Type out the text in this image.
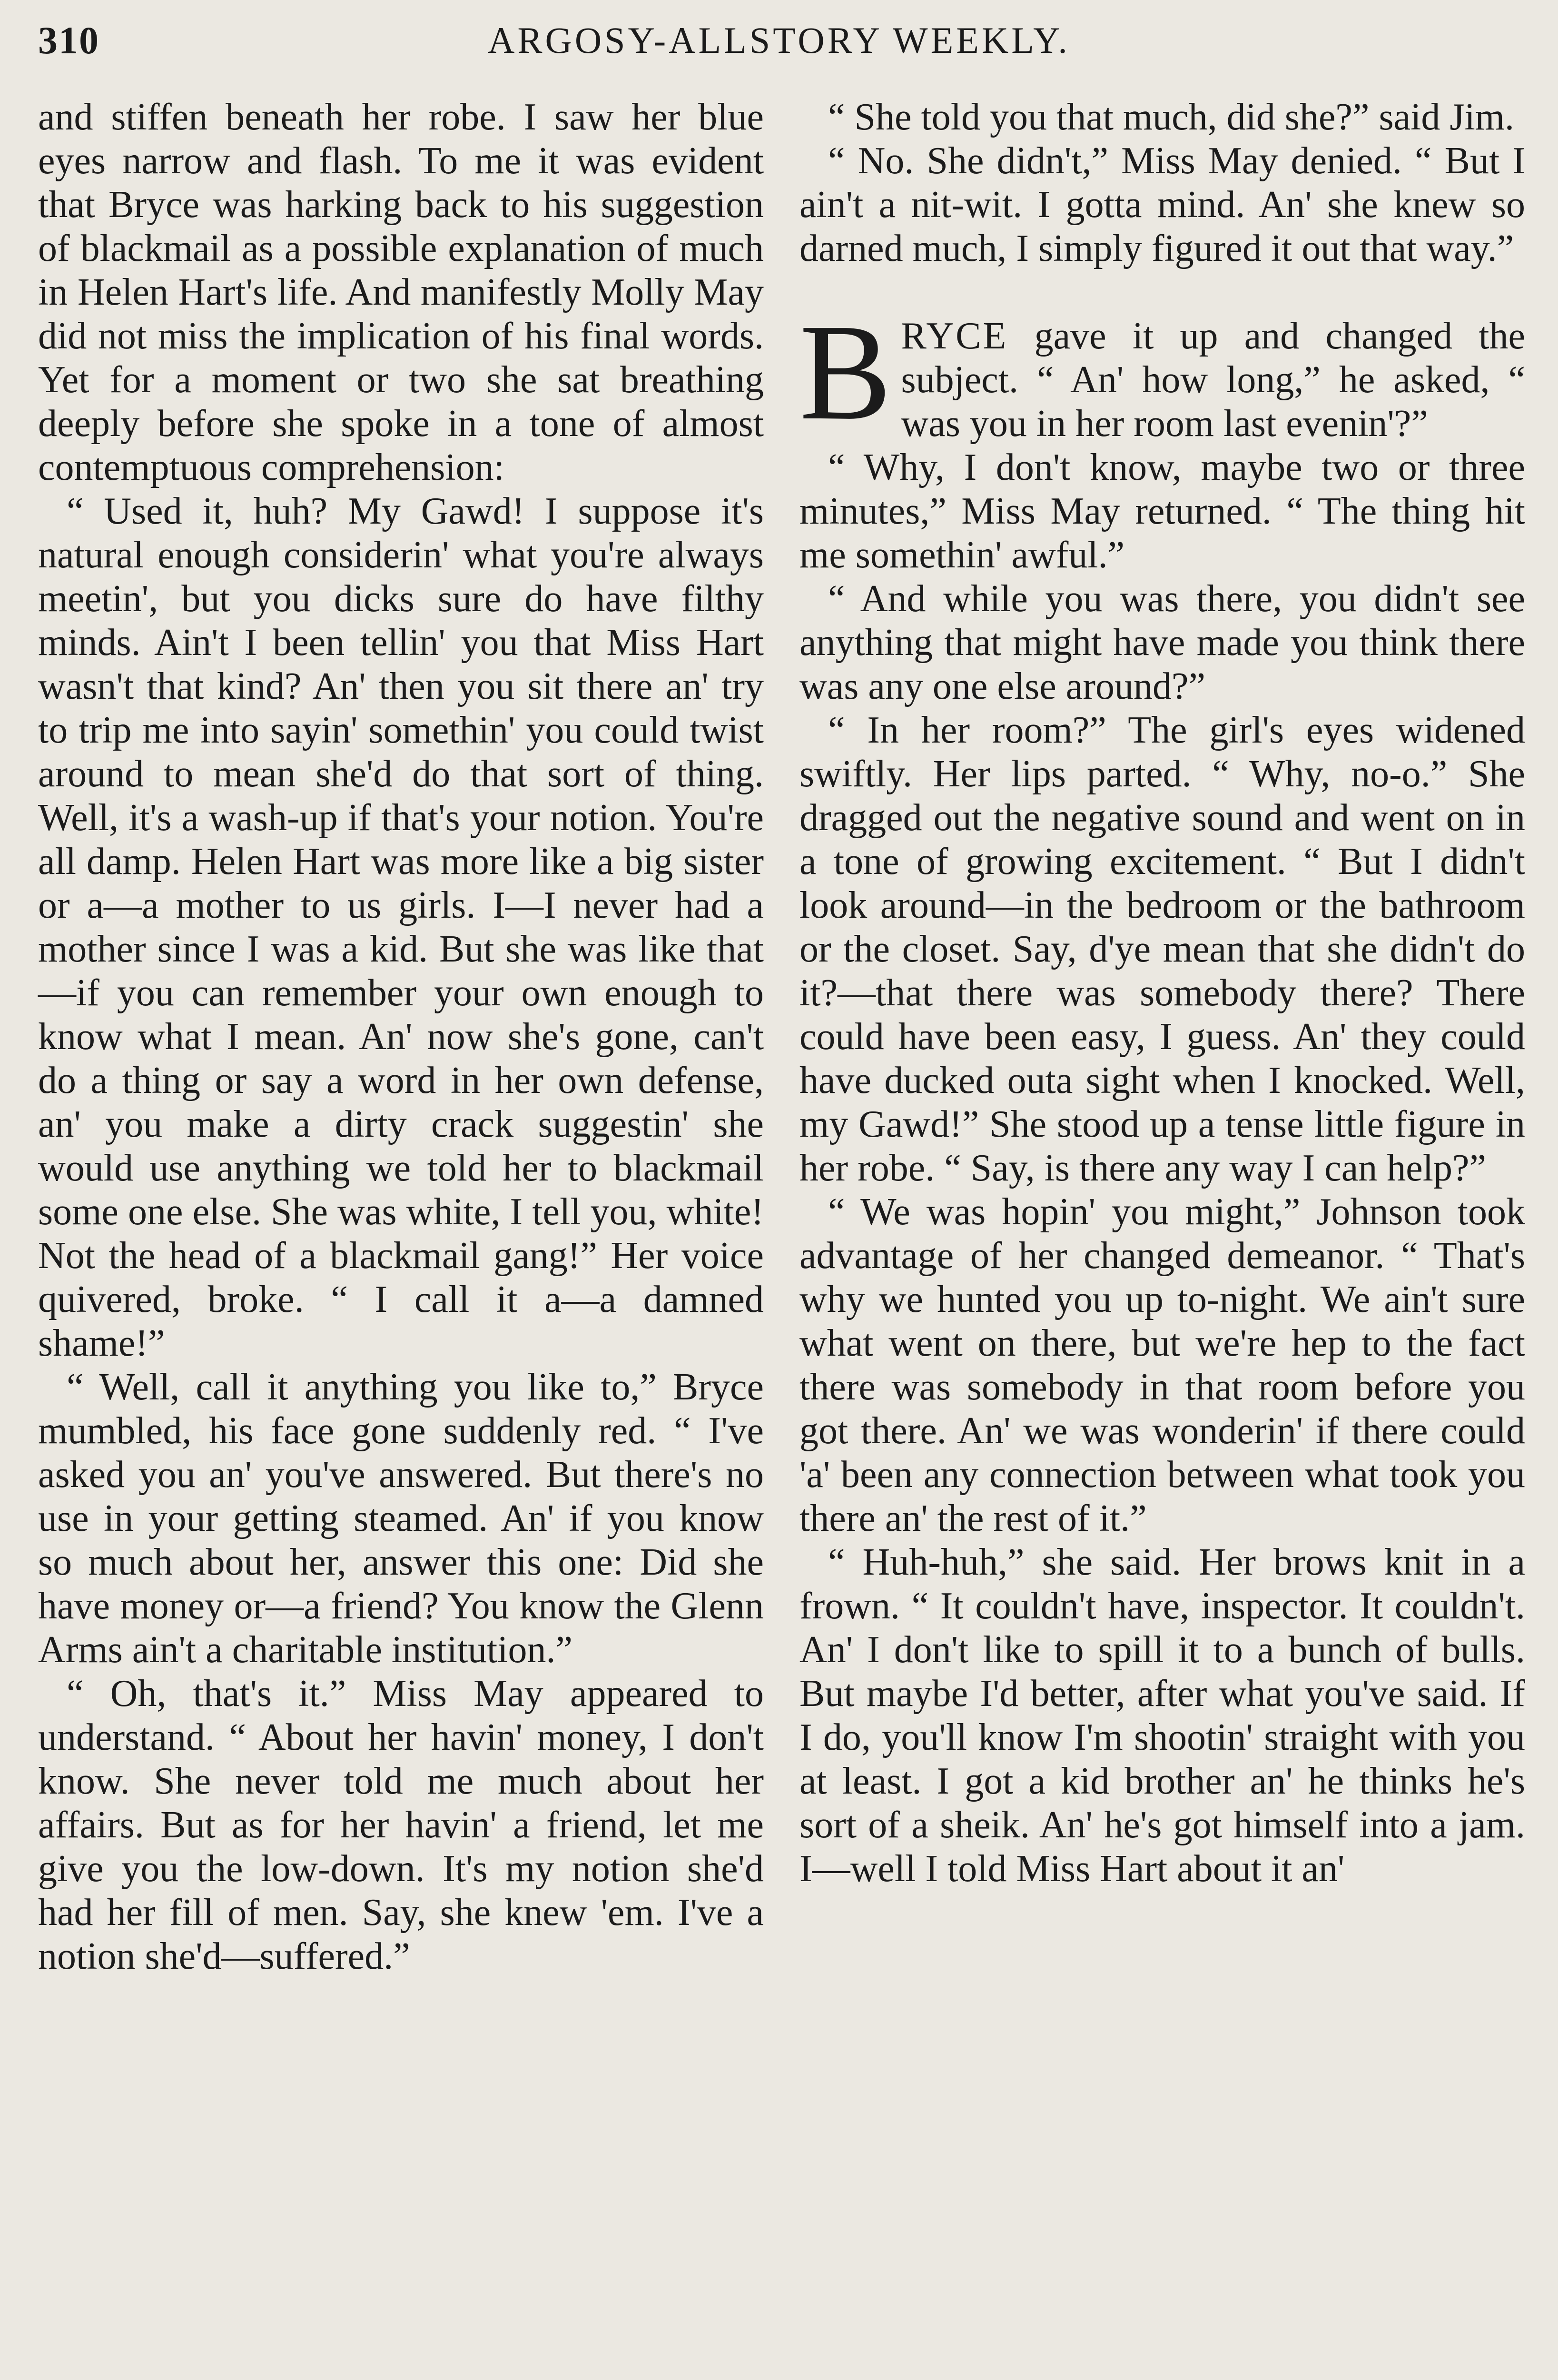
310	ARGOSY-ALLSTORY WEEKLY.

and stiffen beneath her robe. I saw her blue eyes narrow and flash. To me it was evident that Bryce was harking back to his suggestion of blackmail as a possible explanation of much in Helen Hart's life. And manifestly Molly May did not miss the implication of his final words. Yet for a moment or two she sat breathing deeply before she spoke in a tone of almost contemptuous comprehension:

“ Used it, huh? My Gawd! I suppose it's natural enough considerin' what you're always meetin', but you dicks sure do have filthy minds. Ain't I been tellin' you that Miss Hart wasn't that kind? An' then you sit there an' try to trip me into sayin' somethin' you could twist around to mean she'd do that sort of thing. Well, it's a wash-up if that's your notion. You're all damp. Helen Hart was more like a big sister or a—a mother to us girls. I—I never had a mother since I was a kid. But she was like that—if you can remember your own enough to know what I mean. An' now she's gone, can't do a thing or say a word in her own defense, an' you make a dirty crack suggestin' she would use anything we told her to blackmail some one else. She was white, I tell you, white! Not the head of a blackmail gang!” Her voice quivered, broke. “ I call it a—a damned shame!”

“ Well, call it anything you like to,” Bryce mumbled, his face gone suddenly red. “ I've asked you an' you've answered. But there's no use in your getting steamed. An' if you know so much about her, answer this one: Did she have money or—a friend? You know the Glenn Arms ain't a charitable institution.”

“ Oh, that's it.” Miss May appeared to understand. “ About her havin' money, I don't know. She never told me much about her affairs. But as for her havin' a friend, let me give you the low-down. It's my notion she'd had her fill of men. Say, she knew 'em. I've a notion she'd—suffered.”

“ She told you that much, did she?” said Jim.

“ No. She didn't,” Miss May denied. “ But I ain't a nit-wit. I gotta mind. An' she knew so darned much, I simply figured it out that way.”

BRYCE gave it up and changed the subject. “ An' how long,” he asked, “ was you in her room last evenin'?”

“ Why, I don't know, maybe two or three minutes,” Miss May returned. “ The thing hit me somethin' awful.”

“ And while you was there, you didn't see anything that might have made you think there was any one else around?”

“ In her room?” The girl's eyes widened swiftly. Her lips parted. “ Why, no-o.” She dragged out the negative sound and went on in a tone of growing excitement. “ But I didn't look around—in the bedroom or the bathroom or the closet. Say, d'ye mean that she didn't do it?—that there was somebody there? There could have been easy, I guess. An' they could have ducked outa sight when I knocked. Well, my Gawd!” She stood up a tense little figure in her robe. “ Say, is there any way I can help?”

“ We was hopin' you might,” Johnson took advantage of her changed demeanor. “ That's why we hunted you up to-night. We ain't sure what went on there, but we're hep to the fact there was somebody in that room before you got there. An' we was wonderin' if there could 'a' been any connection between what took you there an' the rest of it.”

“ Huh-huh,” she said. Her brows knit in a frown. “ It couldn't have, inspector. It couldn't. An' I don't like to spill it to a bunch of bulls. But maybe I'd better, after what you've said. If I do, you'll know I'm shootin' straight with you at least. I got a kid brother an' he thinks he's sort of a sheik. An' he's got himself into a jam. I—well I told Miss Hart about it an'
